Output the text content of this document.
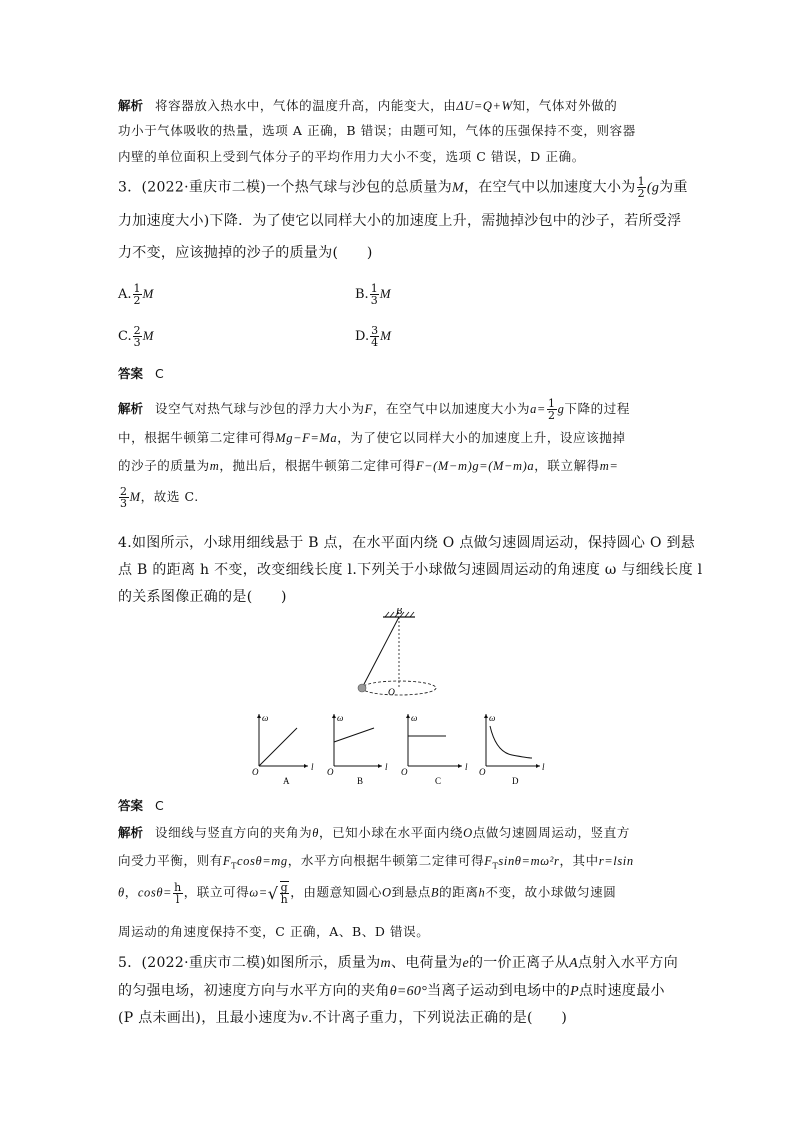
解析 将容器放入热水中，气体的温度升高，内能变大，由ΔU=Q+W知，气体对外做的
功小于气体吸收的热量，选项 A 正确，B 错误；由题可知，气体的压强保持不变，则容器
内壁的单位面积上受到气体分子的平均作用力大小不变，选项 C 错误，D 正确。
3．(2022·重庆市二模)一个热气球与沙包的总质量为M，在空气中以加速度大小为 $\frac{1}{2} (g$为重
力加速度大小)下降．为了使它以同样大小的加速度上升，需抛掉沙包中的沙子，若所受浮
力不变，应该抛掉的沙子的质量为(　　)
A. $\frac{1}{2}$ M	B. $\frac{1}{3}$ M
C. $\frac{2}{3}$ M	D. $\frac{3}{4}$ M
答案 C
解析 设空气对热气球与沙包的浮力大小为F，在空气中以加速度大小为$a= \frac{1}{2}$ g下降的过程
中，根据牛顿第二定律可得Mg−F=Ma，为了使它以同样大小的加速度上升，设应该抛掉
的沙子的质量为m，抛出后，根据牛顿第二定律可得F−(M−m)g=(M−m)a，联立解得m=
$\frac{2}{3}$ M，故选 C.
4.如图所示，小球用细线悬于 B 点，在水平面内绕 O 点做匀速圆周运动，保持圆心 O 到悬
点 B 的距离 h 不变，改变细线长度 l.下列关于小球做匀速圆周运动的角速度 ω 与细线长度 l
的关系图像正确的是(　　)
B
O
ω
l
O
A
ω
l
O
B
ω
l
O
C
ω
l
O
D
答案 C
解析 设细线与竖直方向的夹角为θ，已知小球在水平面内绕O点做匀速圆周运动，竖直方
向受力平衡，则有$F_T\cos\theta=mg$，水平方向根据牛顿第二定律可得$F_T\sin\theta=m\omega^2r$，其中r=lsin
θ，$\cos\theta= \frac{h}{l}$ ，联立可得$\omega=√ \frac{g}{h}$ ，由题意知圆心O到悬点B的距离h不变，故小球做匀速圆
周运动的角速度保持不变，C 正确，A、B、D 错误。
5．(2022·重庆市二模)如图所示，质量为m、电荷量为e的一价正离子从A点射入水平方向
的匀强电场，初速度方向与水平方向的夹角θ=60°当离子运动到电场中的P点时速度最小
(P 点未画出)，且最小速度为v.不计离子重力，下列说法正确的是(　　)
